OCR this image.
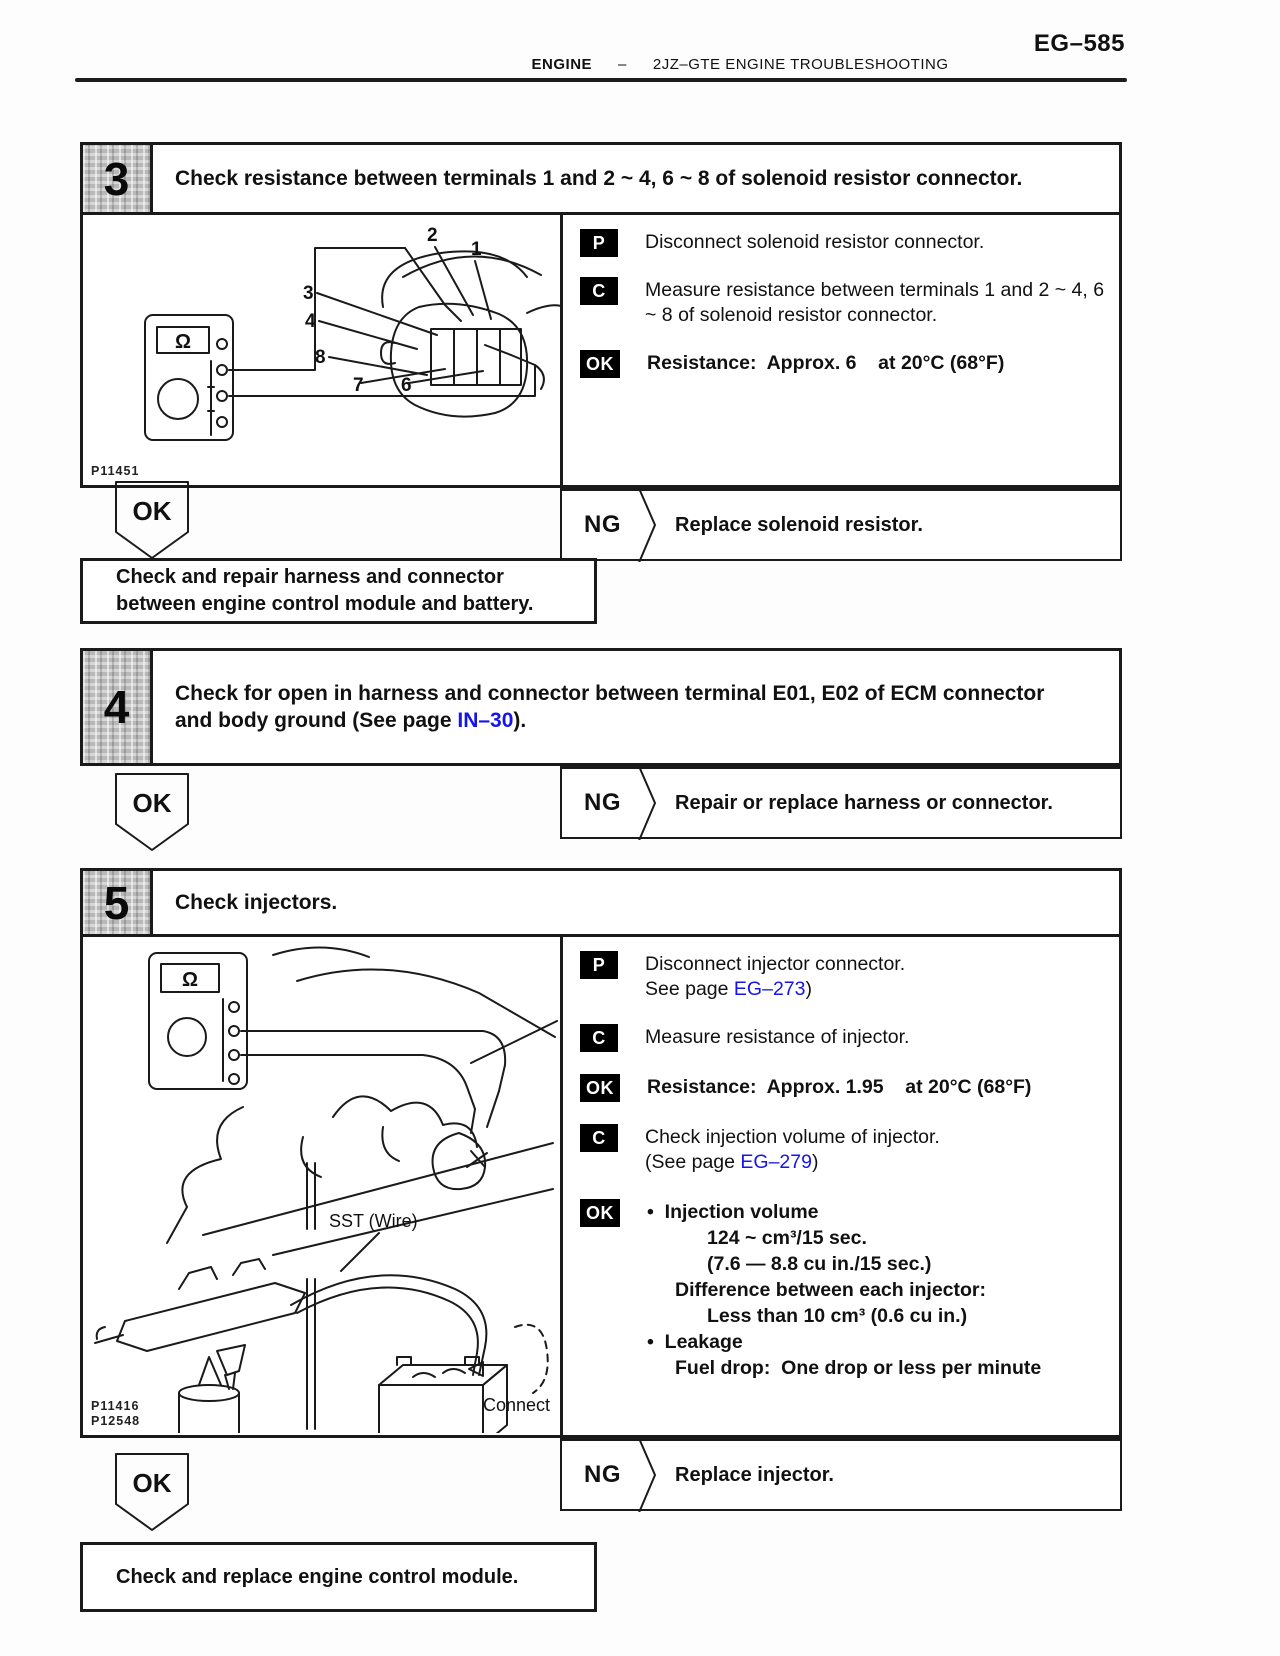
EG–585
ENGINE – 2JZ–GTE ENGINE TROUBLESHOOTING
3	Check resistance between terminals 1 and 2 ~ 4, 6 ~ 8 of solenoid resistor connector.
Ω
2
1
3
4
8
7 6
P11451
P	Disconnect solenoid resistor connector.
C	Measure resistance between terminals 1 and 2 ~ 4, 6 ~ 8 of solenoid resistor connector.
OK	Resistance:  Approx. 6    at 20°C (68°F)
NG	Replace solenoid resistor.
OK
Check and repair harness and connector
between engine control module and battery.
4	Check for open in harness and connector between terminal E01, E02 of ECM connector and body ground (See page IN–30).
NG	Repair or replace harness or connector.
OK
5	Check injectors.
Ω
SST (Wire)
Connect
P11416
P12548
P	Disconnect injector connector.
See page EG–273)
C	Measure resistance of injector.
OK	Resistance:  Approx. 1.95    at 20°C (68°F)
C	Check injection volume of injector.
(See page EG–279)
OK	• Injection volume
124 ~ cm³/15 sec.
(7.6 — 8.8 cu in./15 sec.)
Difference between each injector:
Less than 10 cm³ (0.6 cu in.)
• Leakage
Fuel drop:  One drop or less per minute
NG	Replace injector.
OK
Check and replace engine control module.
